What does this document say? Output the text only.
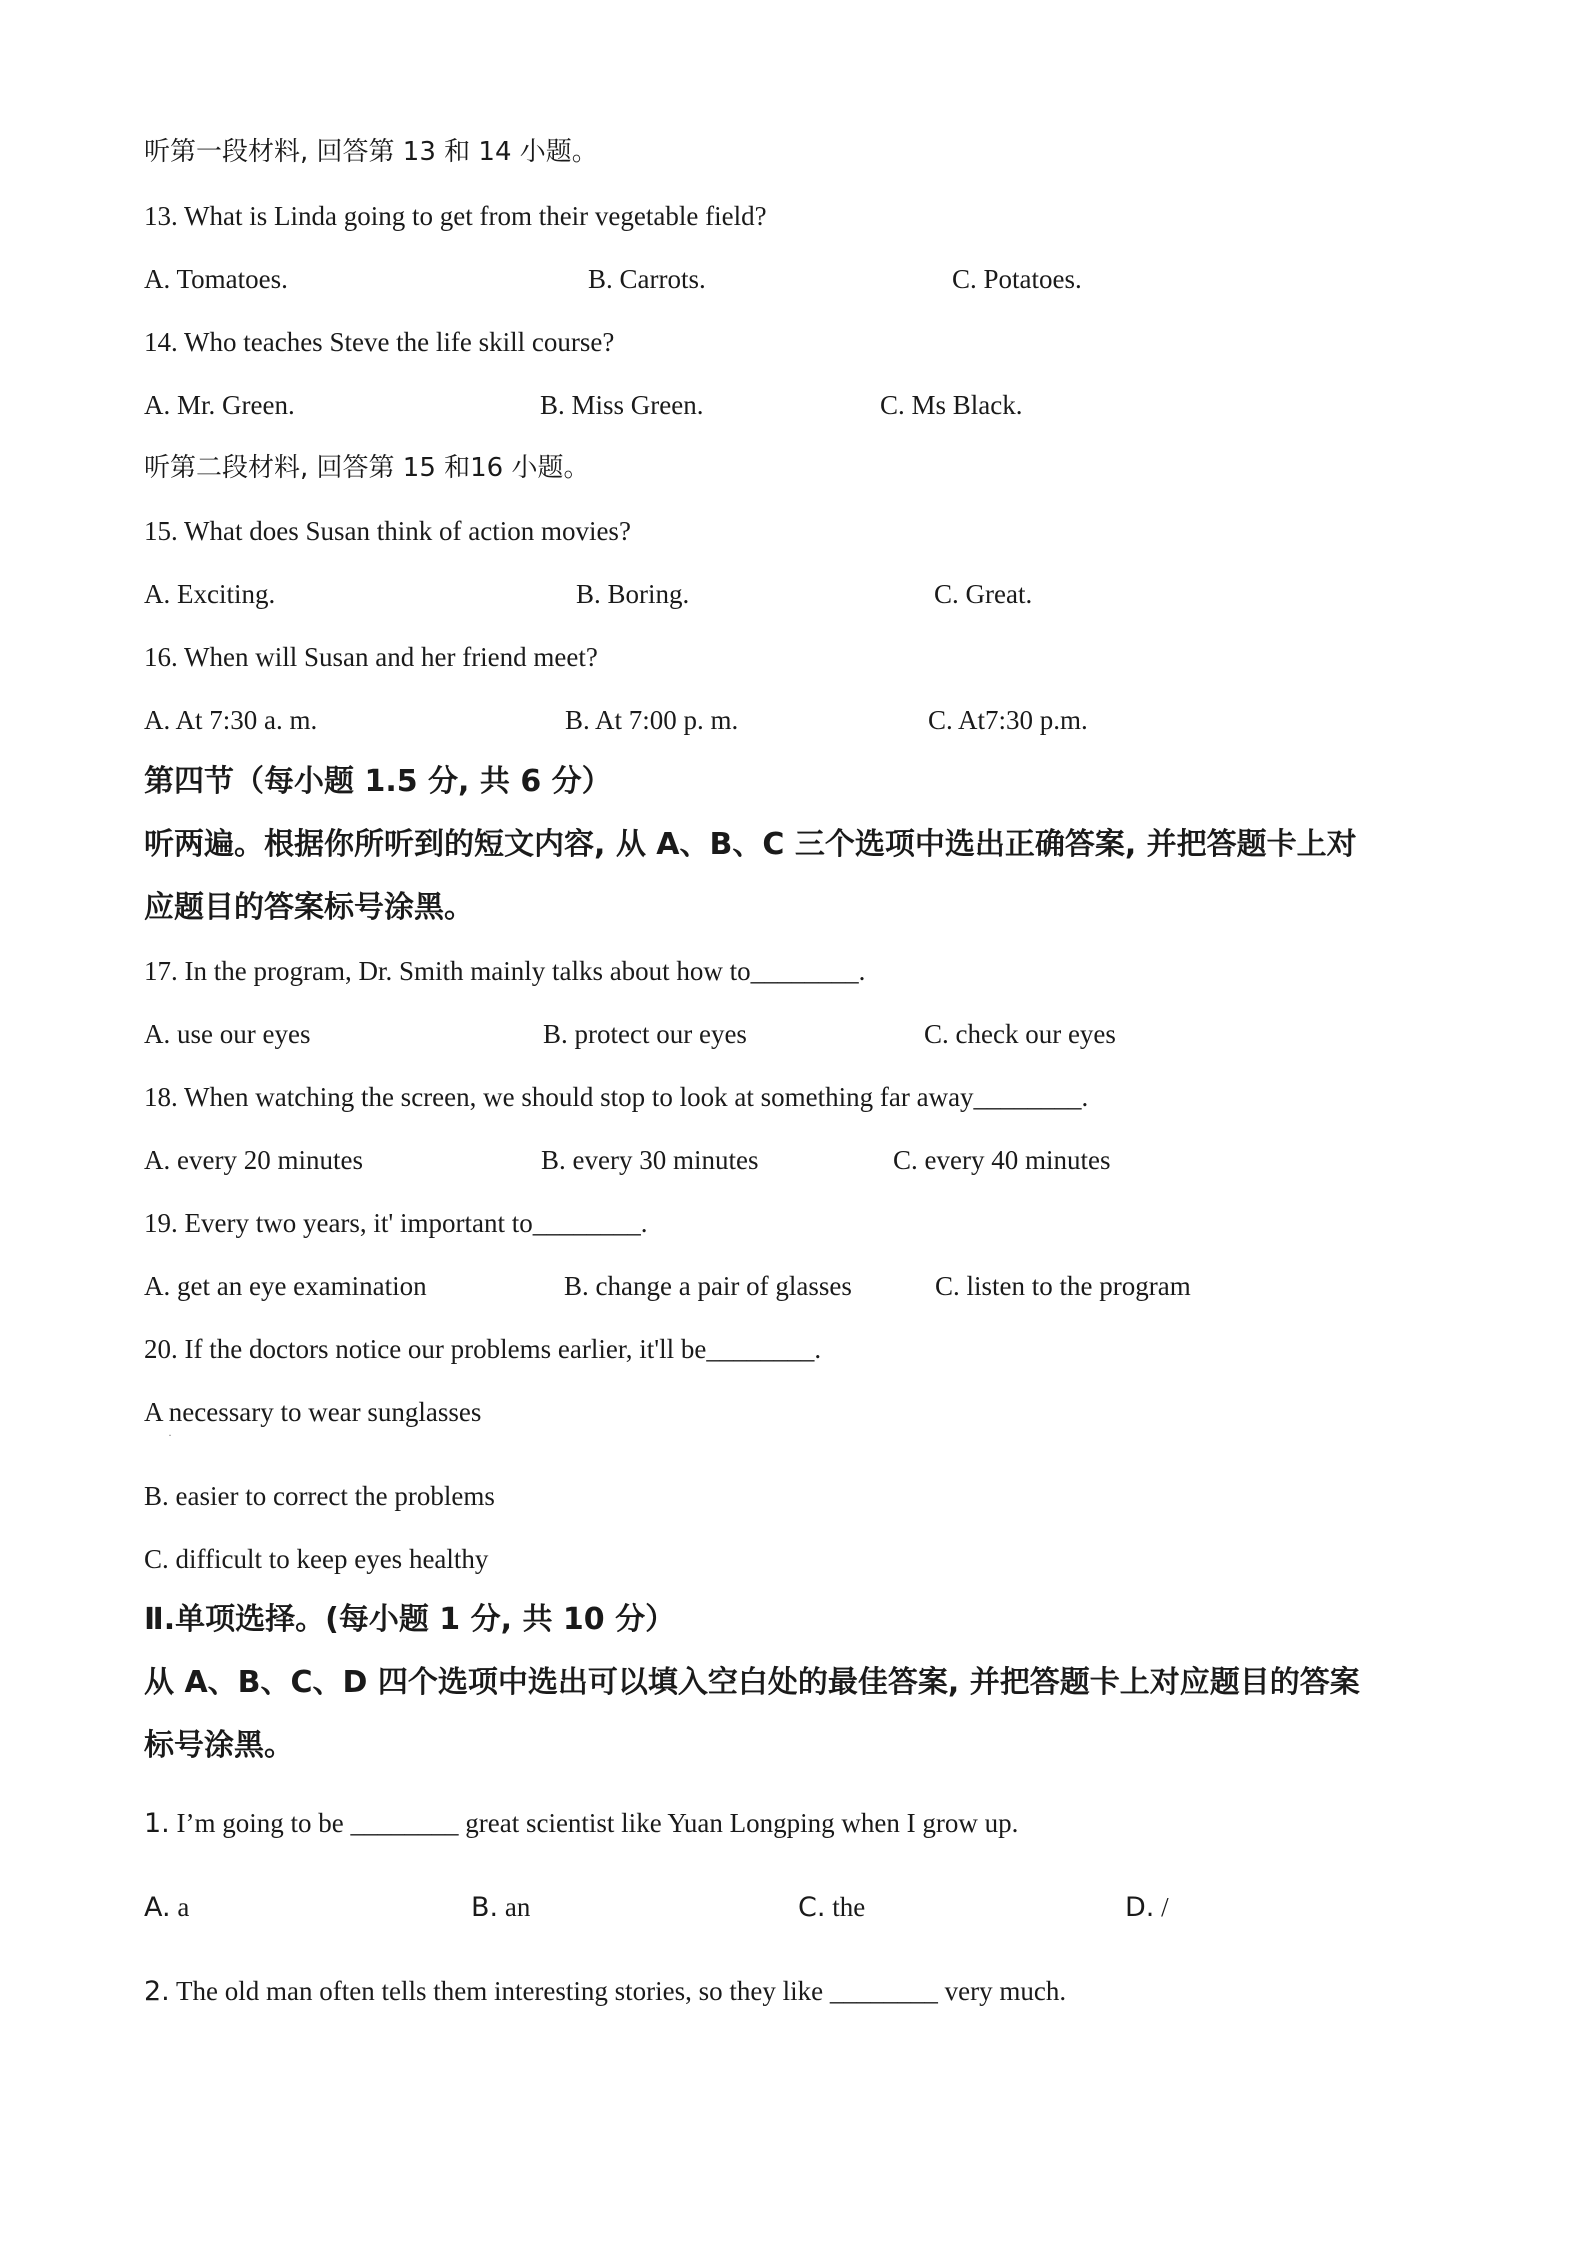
听第一段材料, 回答第 13 和 14 小题。
13. What is Linda going to get from their vegetable field?
A. Tomatoes.	B. Carrots.	C. Potatoes.
14. Who teaches Steve the life skill course?
A. Mr. Green.	B. Miss Green.	C. Ms Black.
听第二段材料, 回答第 15 和16 小题。
15. What does Susan think of action movies?
A. Exciting.	B. Boring.	C. Great.
16. When will Susan and her friend meet?
A. At 7:30 a. m.	B. At 7:00 p. m.	C. At7:30 p.m.
第四节（每小题 1.5 分, 共 6 分）
听两遍。根据你所听到的短文内容, 从 A、B、C 三个选项中选出正确答案, 并把答题卡上对
应题目的答案标号涂黑。
17. In the program, Dr. Smith mainly talks about how to________.
A. use our eyes	B. protect our eyes	C. check our eyes
18. When watching the screen, we should stop to look at something far away________.
A. every 20 minutes	B. every 30 minutes	C. every 40 minutes
19. Every two years, it' important to________.
A. get an eye examination	B. change a pair of glasses	C. listen to the program
20. If the doctors notice our problems earlier, it'll be________.
A necessary to wear sunglasses
·
B. easier to correct the problems
C. difficult to keep eyes healthy
Ⅱ.单项选择。(每小题 1 分, 共 10 分）
从 A、B、C、D 四个选项中选出可以填入空白处的最佳答案, 并把答题卡上对应题目的答案
标号涂黑。
1. I’m going to be ________ great scientist like Yuan Longping when I grow up.
A. a	B. an	C. the	D. /
2. The old man often tells them interesting stories, so they like ________ very much.
